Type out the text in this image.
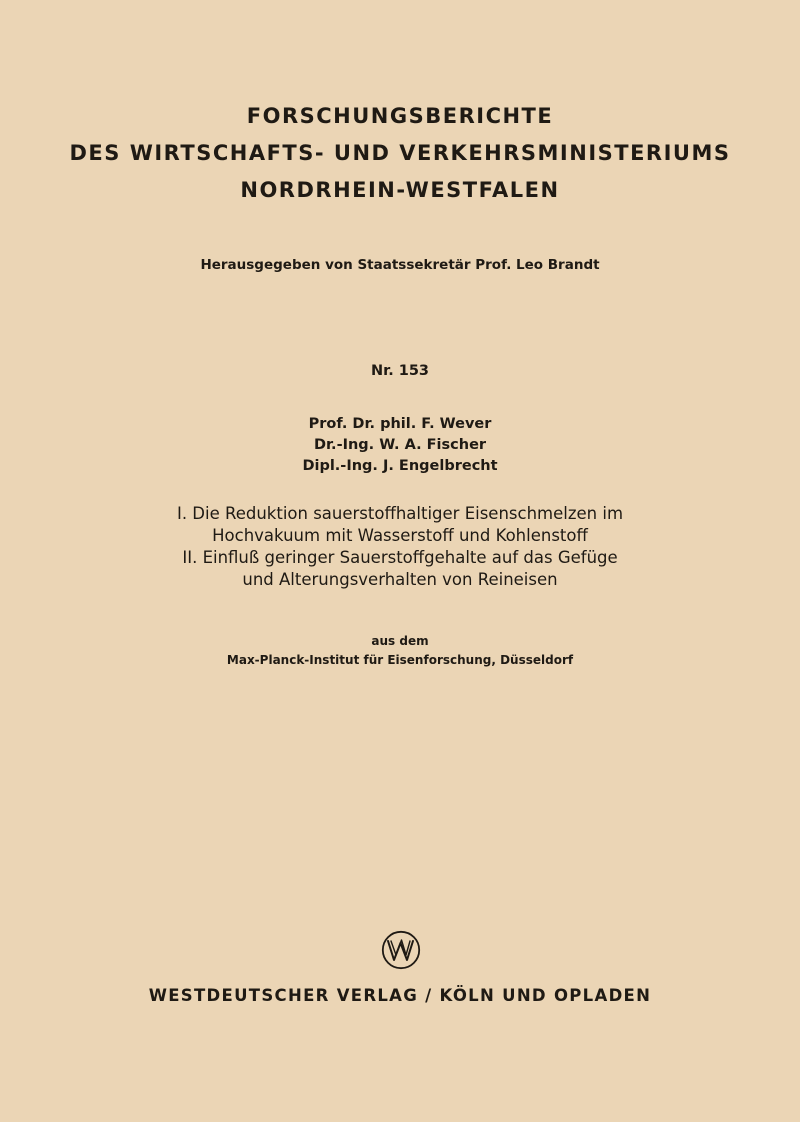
FORSCHUNGSBERICHTE
DES WIRTSCHAFTS- UND VERKEHRSMINISTERIUMS
NORDRHEIN-WESTFALEN
Herausgegeben von Staatssekretär Prof. Leo Brandt
Nr. 153
Prof. Dr. phil. F. Wever
Dr.-Ing. W. A. Fischer
Dipl.-Ing. J. Engelbrecht
I. Die Reduktion sauerstoffhaltiger Eisenschmelzen im
Hochvakuum mit Wasserstoff und Kohlenstoff
II. Einfluß geringer Sauerstoffgehalte auf das Gefüge
und Alterungsverhalten von Reineisen
aus dem
Max-Planck-Institut für Eisenforschung, Düsseldorf
WESTDEUTSCHER VERLAG / KÖLN UND OPLADEN
